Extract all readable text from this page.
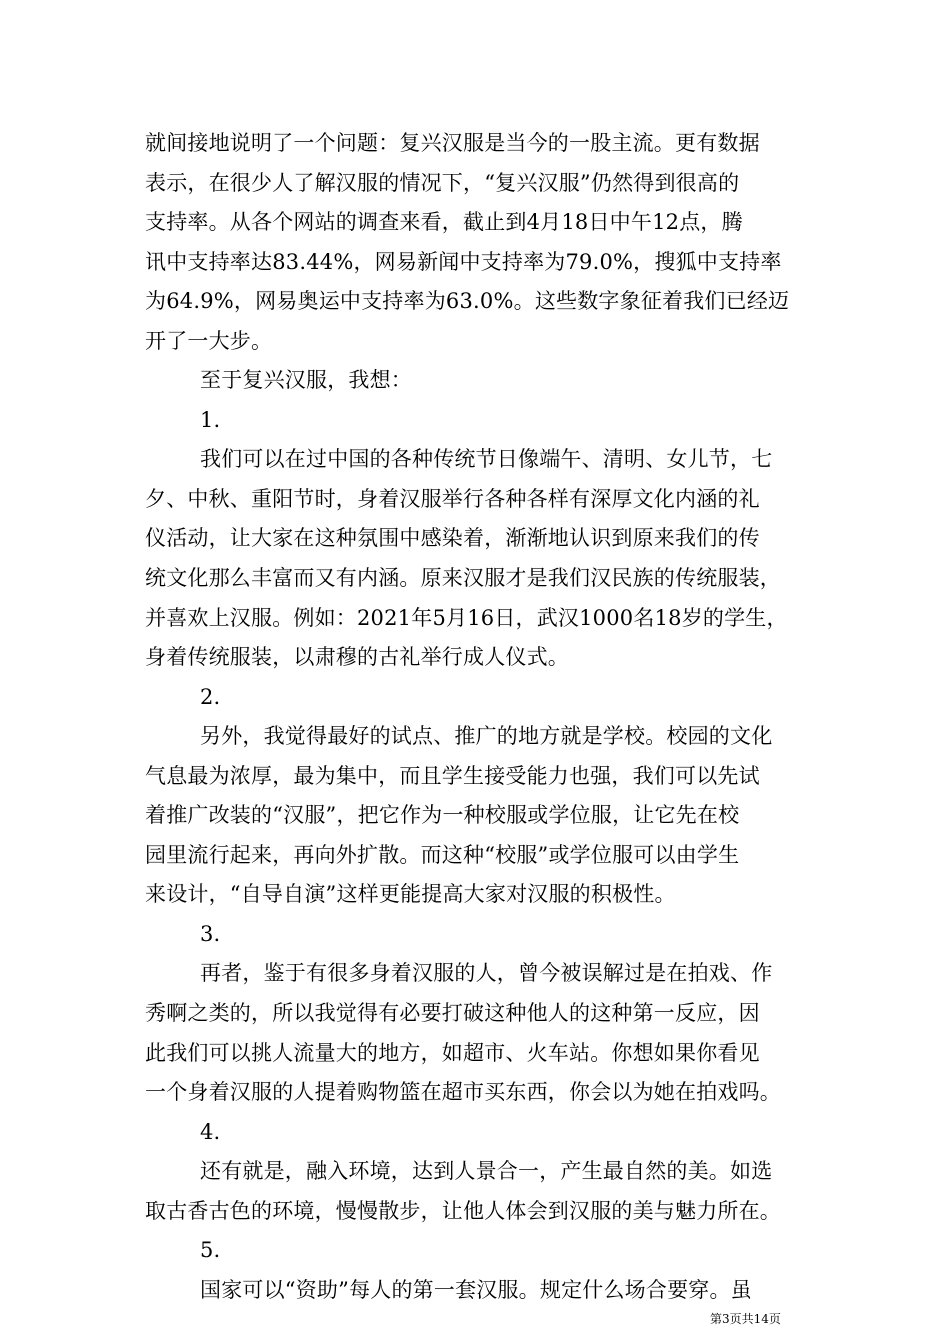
就间接地说明了一个问题：复兴汉服是当今的一股主流。更有数据
表示，在很少人了解汉服的情况下，“复兴汉服”仍然得到很高的
支持率。从各个网站的调查来看，截止到4月18日中午12点，腾
讯中支持率达83.44%，网易新闻中支持率为79.0%，搜狐中支持率
为64.9%，网易奥运中支持率为63.0%。这些数字象征着我们已经迈
开了一大步。
至于复兴汉服，我想：
1.
我们可以在过中国的各种传统节日像端午、清明、女儿节，七
夕、中秋、重阳节时，身着汉服举行各种各样有深厚文化内涵的礼
仪活动，让大家在这种氛围中感染着，渐渐地认识到原来我们的传
统文化那么丰富而又有内涵。原来汉服才是我们汉民族的传统服装，
并喜欢上汉服。例如：2021年5月16日，武汉1000名18岁的学生，
身着传统服装，以肃穆的古礼举行成人仪式。
2.
另外，我觉得最好的试点、推广的地方就是学校。校园的文化
气息最为浓厚，最为集中，而且学生接受能力也强，我们可以先试
着推广改装的“汉服”，把它作为一种校服或学位服，让它先在校
园里流行起来，再向外扩散。而这种“校服”或学位服可以由学生
来设计，“自导自演”这样更能提高大家对汉服的积极性。
3.
再者，鉴于有很多身着汉服的人，曾今被误解过是在拍戏、作
秀啊之类的，所以我觉得有必要打破这种他人的这种第一反应，因
此我们可以挑人流量大的地方，如超市、火车站。你想如果你看见
一个身着汉服的人提着购物篮在超市买东西，你会以为她在拍戏吗。
4.
还有就是，融入环境，达到人景合一，产生最自然的美。如选
取古香古色的环境，慢慢散步，让他人体会到汉服的美与魅力所在。
5.
国家可以“资助”每人的第一套汉服。规定什么场合要穿。虽
第3页共14页
